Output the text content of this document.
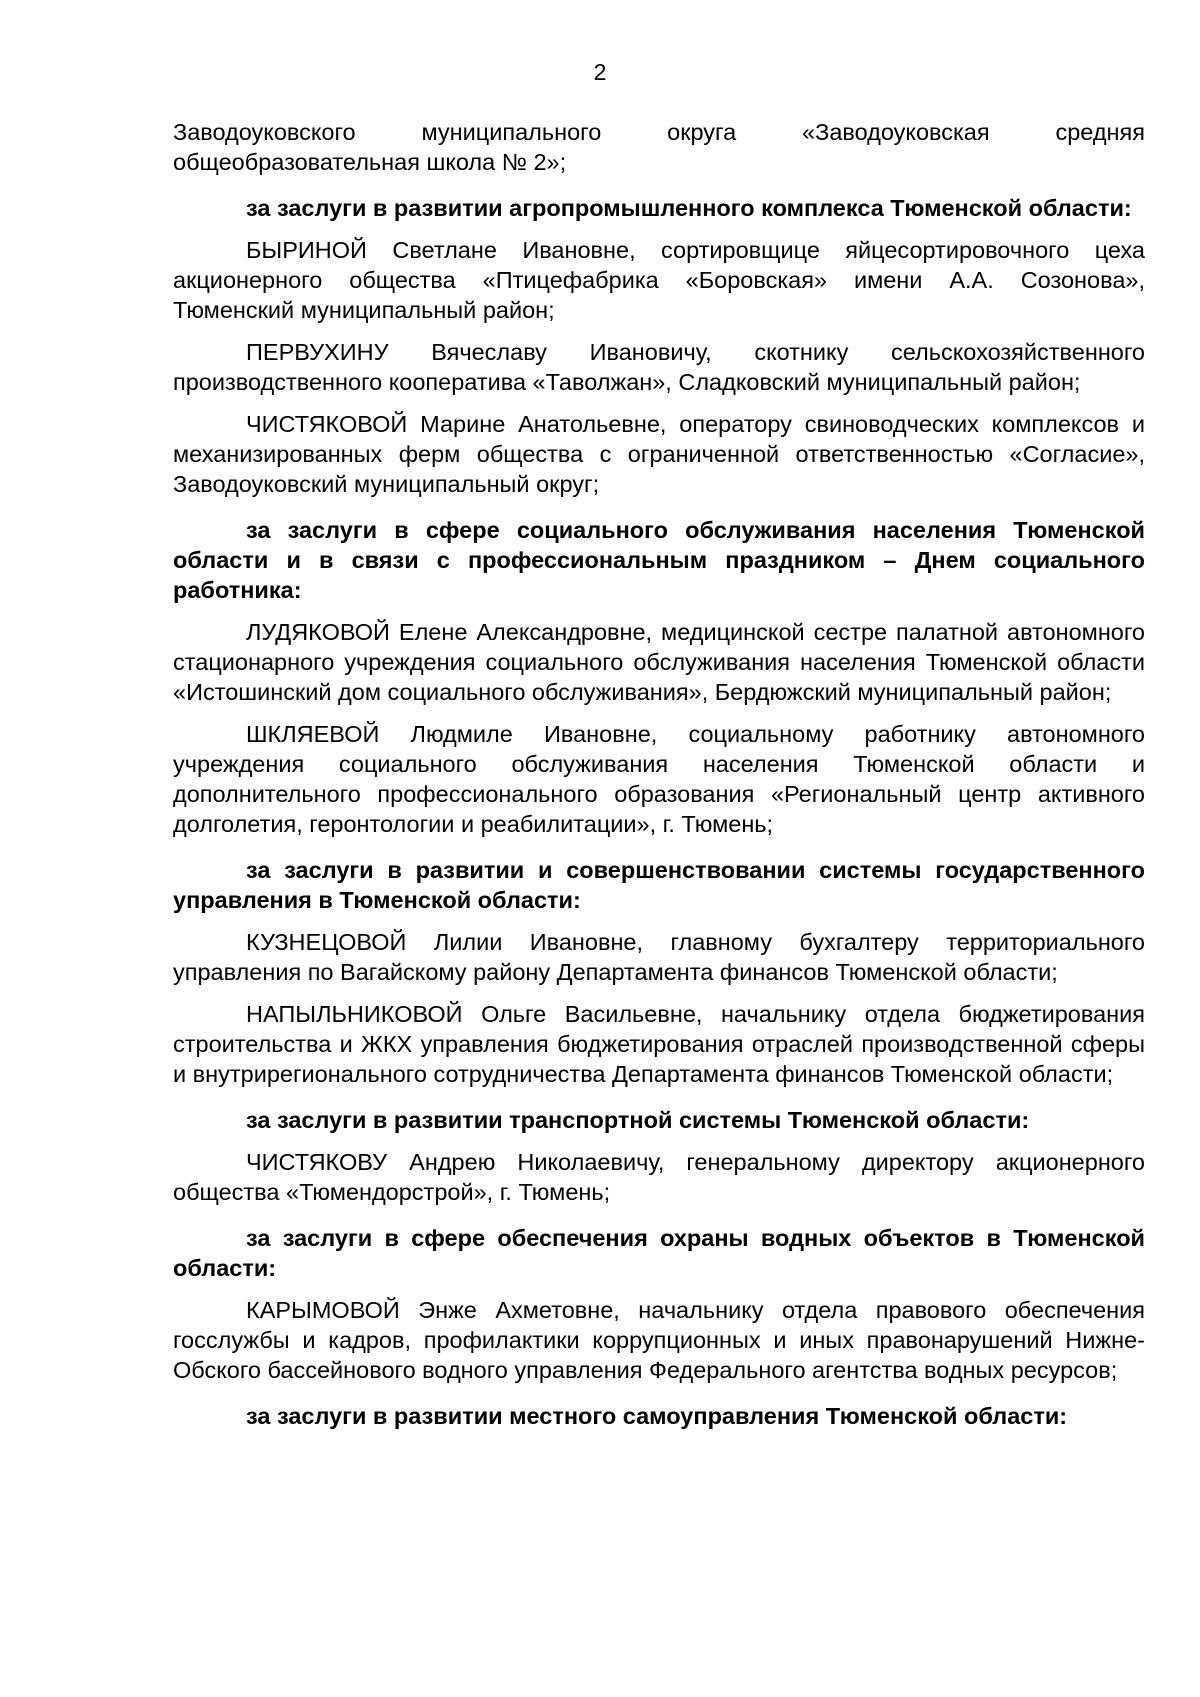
2

Заводоуковского муниципального округа «Заводоуковская средняя общеобразовательная школа № 2»;

за заслуги в развитии агропромышленного комплекса Тюменской области:

БЫРИНОЙ Светлане Ивановне, сортировщице яйцесортировочного цеха акционерного общества «Птицефабрика «Боровская» имени А.А. Созонова», Тюменский муниципальный район;

ПЕРВУХИНУ Вячеславу Ивановичу, скотнику сельскохозяйственного производственного кооператива «Таволжан», Сладковский муниципальный район;

ЧИСТЯКОВОЙ Марине Анатольевне, оператору свиноводческих комплексов и механизированных ферм общества с ограниченной ответственностью «Согласие», Заводоуковский муниципальный округ;

за заслуги в сфере социального обслуживания населения Тюменской области и в связи с профессиональным праздником – Днем социального работника:

ЛУДЯКОВОЙ Елене Александровне, медицинской сестре палатной автономного стационарного учреждения социального обслуживания населения Тюменской области «Истошинский дом социального обслуживания», Бердюжский муниципальный район;

ШКЛЯЕВОЙ Людмиле Ивановне, социальному работнику автономного учреждения социального обслуживания населения Тюменской области и дополнительного профессионального образования «Региональный центр активного долголетия, геронтологии и реабилитации», г. Тюмень;

за заслуги в развитии и совершенствовании системы государственного управления в Тюменской области:

КУЗНЕЦОВОЙ Лилии Ивановне, главному бухгалтеру территориального управления по Вагайскому району Департамента финансов Тюменской области;

НАПЫЛЬНИКОВОЙ Ольге Васильевне, начальнику отдела бюджетирования строительства и ЖКХ управления бюджетирования отраслей производственной сферы и внутрирегионального сотрудничества Департамента финансов Тюменской области;

за заслуги в развитии транспортной системы Тюменской области:

ЧИСТЯКОВУ Андрею Николаевичу, генеральному директору акционерного общества «Тюмендорстрой», г. Тюмень;

за заслуги в сфере обеспечения охраны водных объектов в Тюменской области:

КАРЫМОВОЙ Энже Ахметовне, начальнику отдела правового обеспечения госслужбы и кадров, профилактики коррупционных и иных правонарушений Нижне-Обского бассейнового водного управления Федерального агентства водных ресурсов;

за заслуги в развитии местного самоуправления Тюменской области:
